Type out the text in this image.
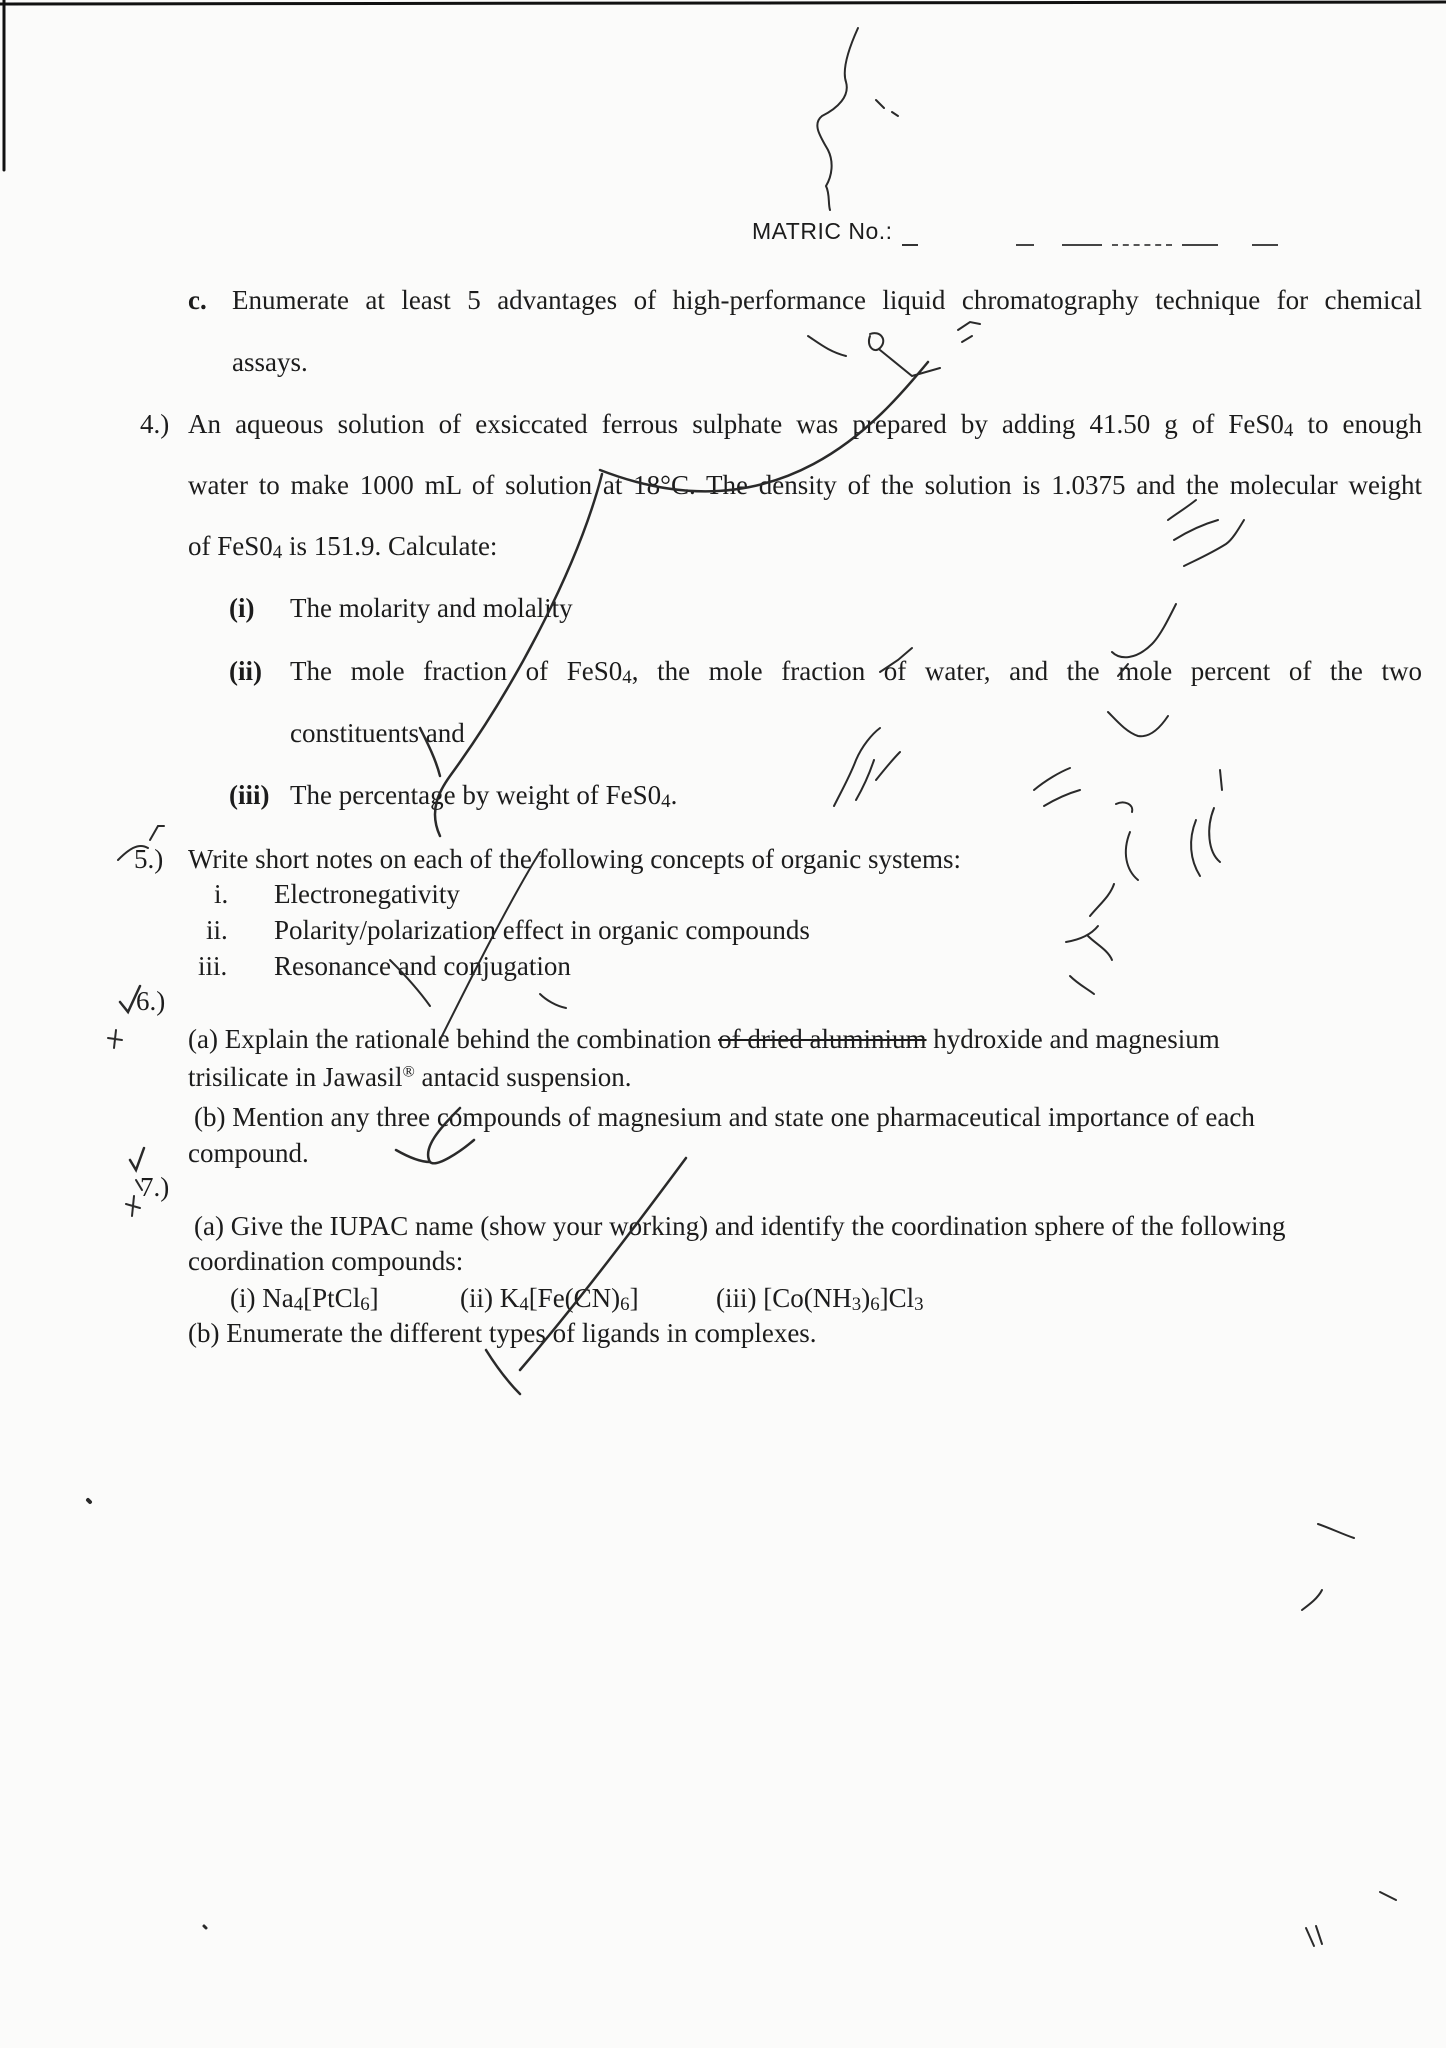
MATRIC No.:
c. Enumerate at least 5 advantages of high-performance liquid chromatography technique for chemical
assays.
4.) An aqueous solution of exsiccated ferrous sulphate was prepared by adding 41.50 g of $FeS0_4$ to enough
water to make 1000 mL of solution at 18°C. The density of the solution is 1.0375 and the molecular weight
of $FeS0_4$ is 151.9. Calculate:
(i) The molarity and molality
(ii) The mole fraction of $FeS0_4$, the mole fraction of water, and the mole percent of the two
constituents and
(iii) The percentage by weight of $FeS0_4$.
5.) Write short notes on each of the following concepts of organic systems:
i. Electronegativity
ii. Polarity/polarization effect in organic compounds
iii. Resonance and conjugation
6.)
(a) Explain the rationale behind the combination of dried aluminium hydroxide and magnesium
trisilicate in Jawasil® antacid suspension.
(b) Mention any three compounds of magnesium and state one pharmaceutical importance of each
compound.
7.)
(a) Give the IUPAC name (show your working) and identify the coordination sphere of the following
coordination compounds:
(i) $Na_4[PtCl_6]$	(ii) $K_4[Fe(CN)_6]$	(iii) $[Co(NH_3)_6]Cl_3$
(b) Enumerate the different types of ligands in complexes.
